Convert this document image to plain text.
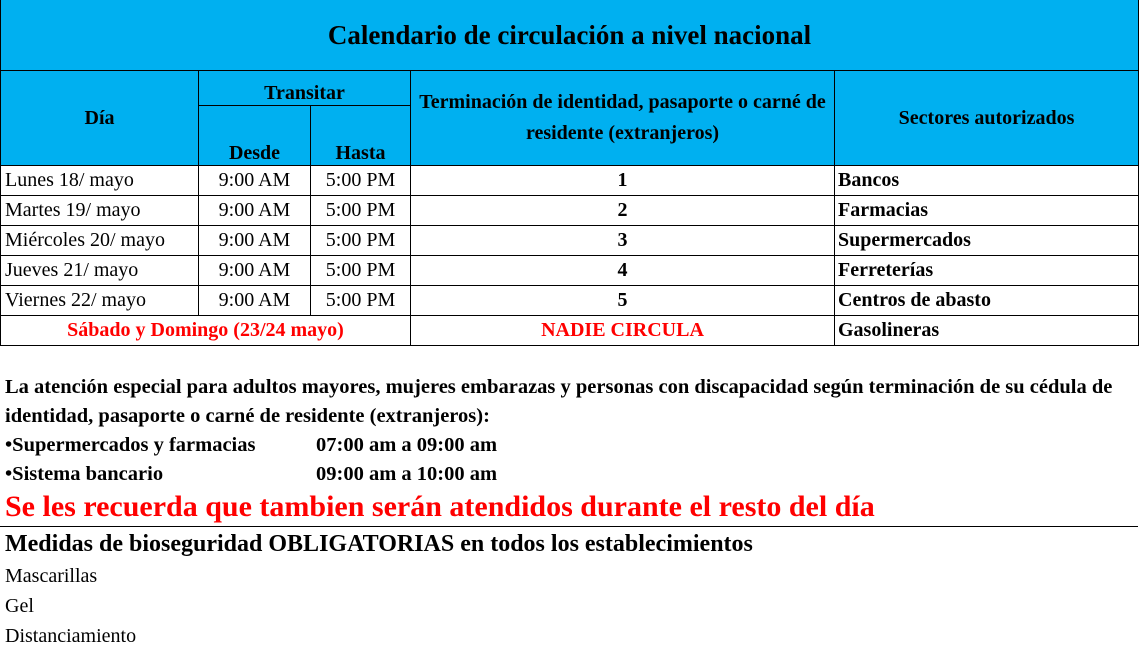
Calendario de circulación a nivel nacional				
Día	Transitar		Terminación de identidad, pasaporte o carné de residente (extranjeros)	Sectores autorizados
	Desde	Hasta		
Lunes 18/ mayo	9:00 AM	5:00 PM	1	Bancos
Martes 19/ mayo	9:00 AM	5:00 PM	2	Farmacias
Miércoles 20/ mayo	9:00 AM	5:00 PM	3	Supermercados
Jueves 21/ mayo	9:00 AM	5:00 PM	4	Ferreterías
Viernes 22/ mayo	9:00 AM	5:00 PM	5	Centros de abasto
Sábado y Domingo (23/24 mayo)			NADIE CIRCULA	Gasolineras

La atención especial para adultos mayores, mujeres embarazas y personas con discapacidad según terminación de su cédula de identidad, pasaporte o carné de residente (extranjeros):

•Supermercados y farmacias	07:00 am a 09:00 am
•Sistema bancario	09:00 am a 10:00 am

Se les recuerda que tambien serán atendidos durante el resto del día

Medidas de bioseguridad OBLIGATORIAS en todos los establecimientos
Mascarillas
Gel
Distanciamiento
